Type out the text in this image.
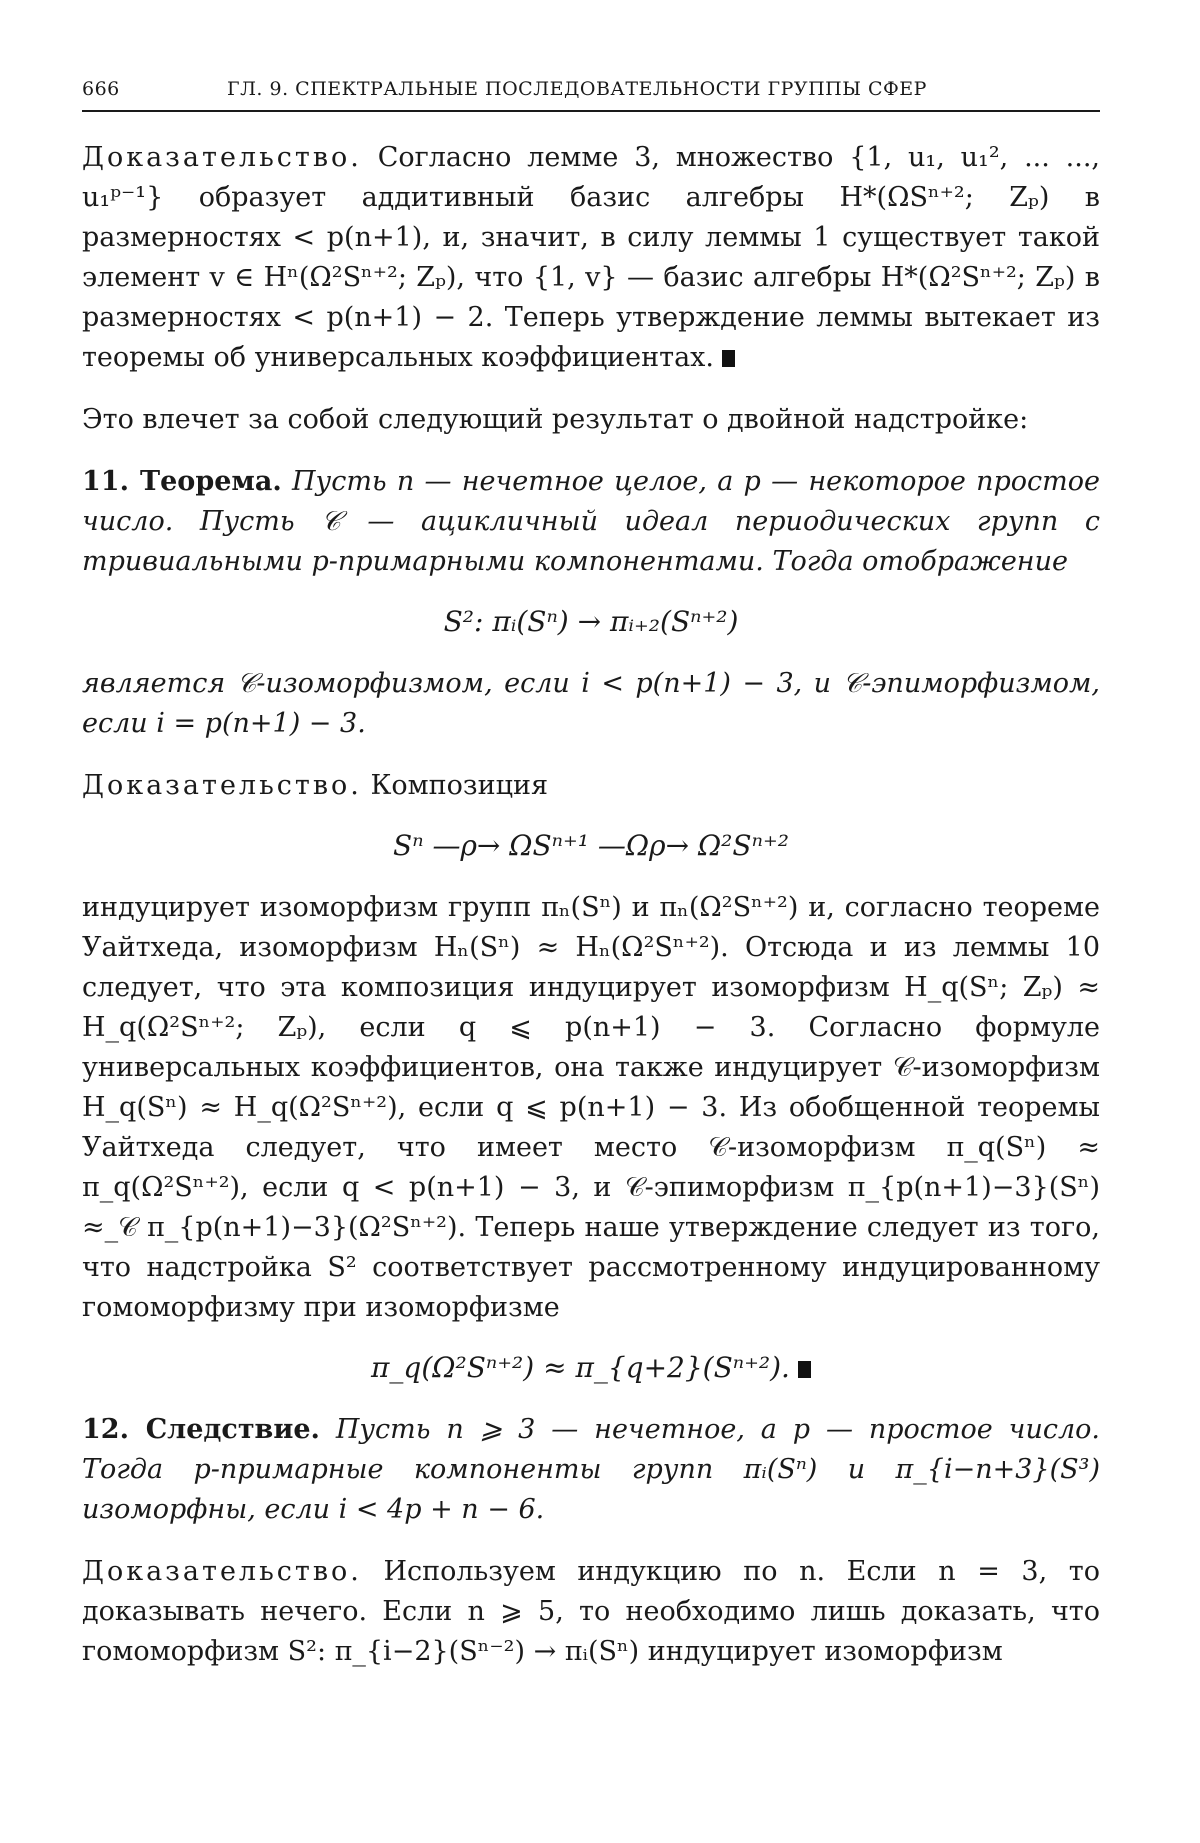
666	ГЛ. 9. СПЕКТРАЛЬНЫЕ ПОСЛЕДОВАТЕЛЬНОСТИ ГРУППЫ СФЕР

Доказательство. Согласно лемме 3, множество {1, u₁, u₁², ... ..., u₁ᵖ⁻¹} образует аддитивный базис алгебры H*(ΩSⁿ⁺²; Zₚ) в размерностях < p(n+1), и, значит, в силу леммы 1 существует такой элемент v ∈ Hⁿ(Ω²Sⁿ⁺²; Zₚ), что {1, v} — базис алгебры H*(Ω²Sⁿ⁺²; Zₚ) в размерностях < p(n+1) − 2. Теперь утверждение леммы вытекает из теоремы об универсальных коэффициентах.

Это влечет за собой следующий результат о двойной надстройке:

11. Теорема. Пусть n — нечетное целое, а p — некоторое простое число. Пусть 𝒞 — ацикличный идеал периодических групп с тривиальными p-примарными компонентами. Тогда отображение

S²: πᵢ(Sⁿ) → πᵢ₊₂(Sⁿ⁺²)

является 𝒞-изоморфизмом, если i < p(n+1) − 3, и 𝒞-эпиморфизмом, если i = p(n+1) − 3.

Доказательство. Композиция

Sⁿ —ρ→ ΩSⁿ⁺¹ —Ωρ→ Ω²Sⁿ⁺²

индуцирует изоморфизм групп πₙ(Sⁿ) и πₙ(Ω²Sⁿ⁺²) и, согласно теореме Уайтхеда, изоморфизм Hₙ(Sⁿ) ≈ Hₙ(Ω²Sⁿ⁺²). Отсюда и из леммы 10 следует, что эта композиция индуцирует изоморфизм H_q(Sⁿ; Zₚ) ≈ H_q(Ω²Sⁿ⁺²; Zₚ), если q ⩽ p(n+1) − 3. Согласно формуле универсальных коэффициентов, она также индуцирует 𝒞-изоморфизм H_q(Sⁿ) ≈ H_q(Ω²Sⁿ⁺²), если q ⩽ p(n+1) − 3. Из обобщенной теоремы Уайтхеда следует, что имеет место 𝒞-изоморфизм π_q(Sⁿ) ≈ π_q(Ω²Sⁿ⁺²), если q < p(n+1) − 3, и 𝒞-эпиморфизм π_{p(n+1)−3}(Sⁿ) ≈_𝒞 π_{p(n+1)−3}(Ω²Sⁿ⁺²). Теперь наше утверждение следует из того, что надстройка S² соответствует рассмотренному индуцированному гомоморфизму при изоморфизме

π_q(Ω²Sⁿ⁺²) ≈ π_{q+2}(Sⁿ⁺²).

12. Следствие. Пусть n ⩾ 3 — нечетное, а p — простое число. Тогда p-примарные компоненты групп πᵢ(Sⁿ) и π_{i−n+3}(S³) изоморфны, если i < 4p + n − 6.

Доказательство. Используем индукцию по n. Если n = 3, то доказывать нечего. Если n ⩾ 5, то необходимо лишь доказать, что гомоморфизм S²: π_{i−2}(Sⁿ⁻²) → πᵢ(Sⁿ) индуцирует изоморфизм
